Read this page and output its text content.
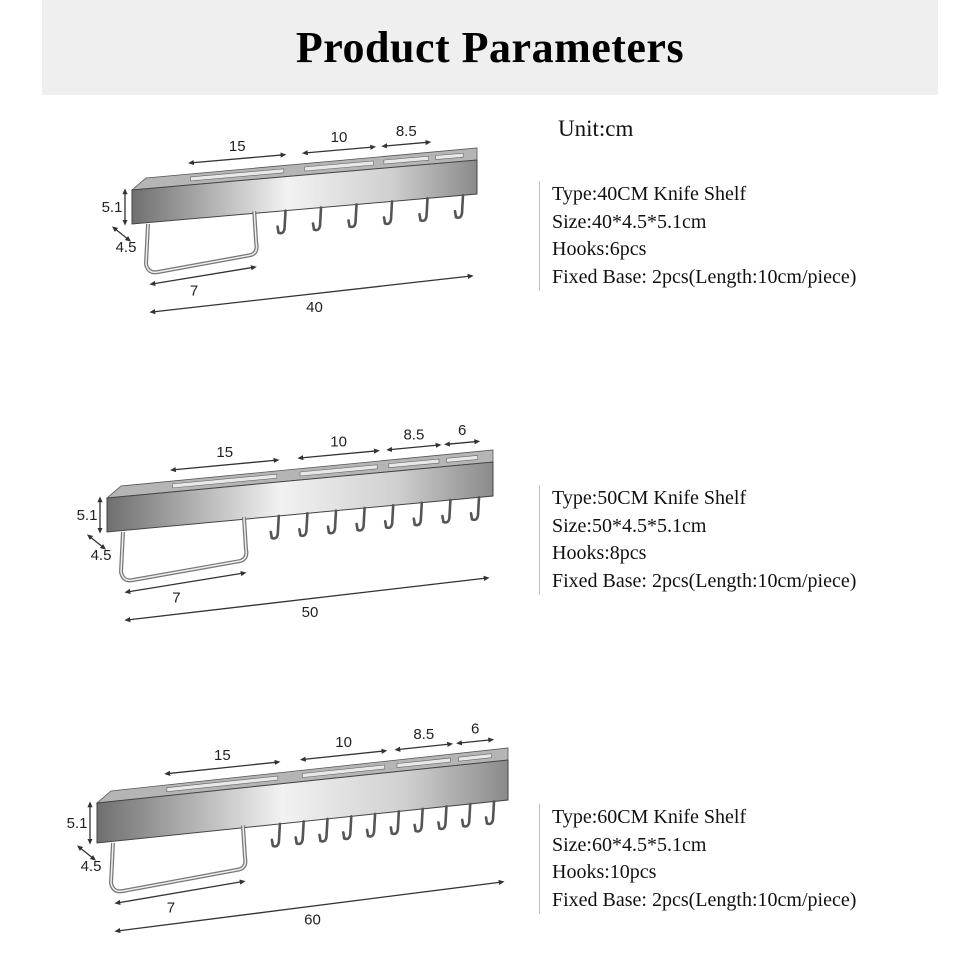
Product Parameters
Unit:cm
Type:40CM Knife Shelf
Size:40*4.5*5.1cm
Hooks:6pcs
Fixed Base: 2pcs(Length:10cm/piece)
Type:50CM Knife Shelf
Size:50*4.5*5.1cm
Hooks:8pcs
Fixed Base: 2pcs(Length:10cm/piece)
Type:60CM Knife Shelf
Size:60*4.5*5.1cm
Hooks:10pcs
Fixed Base: 2pcs(Length:10cm/piece)
5.1
4.5
7
40
15
10	8.5
5.1
4.5
7
50
15
10	8.5 6
5.1
4.5
7
60
15
10	8.5 6
